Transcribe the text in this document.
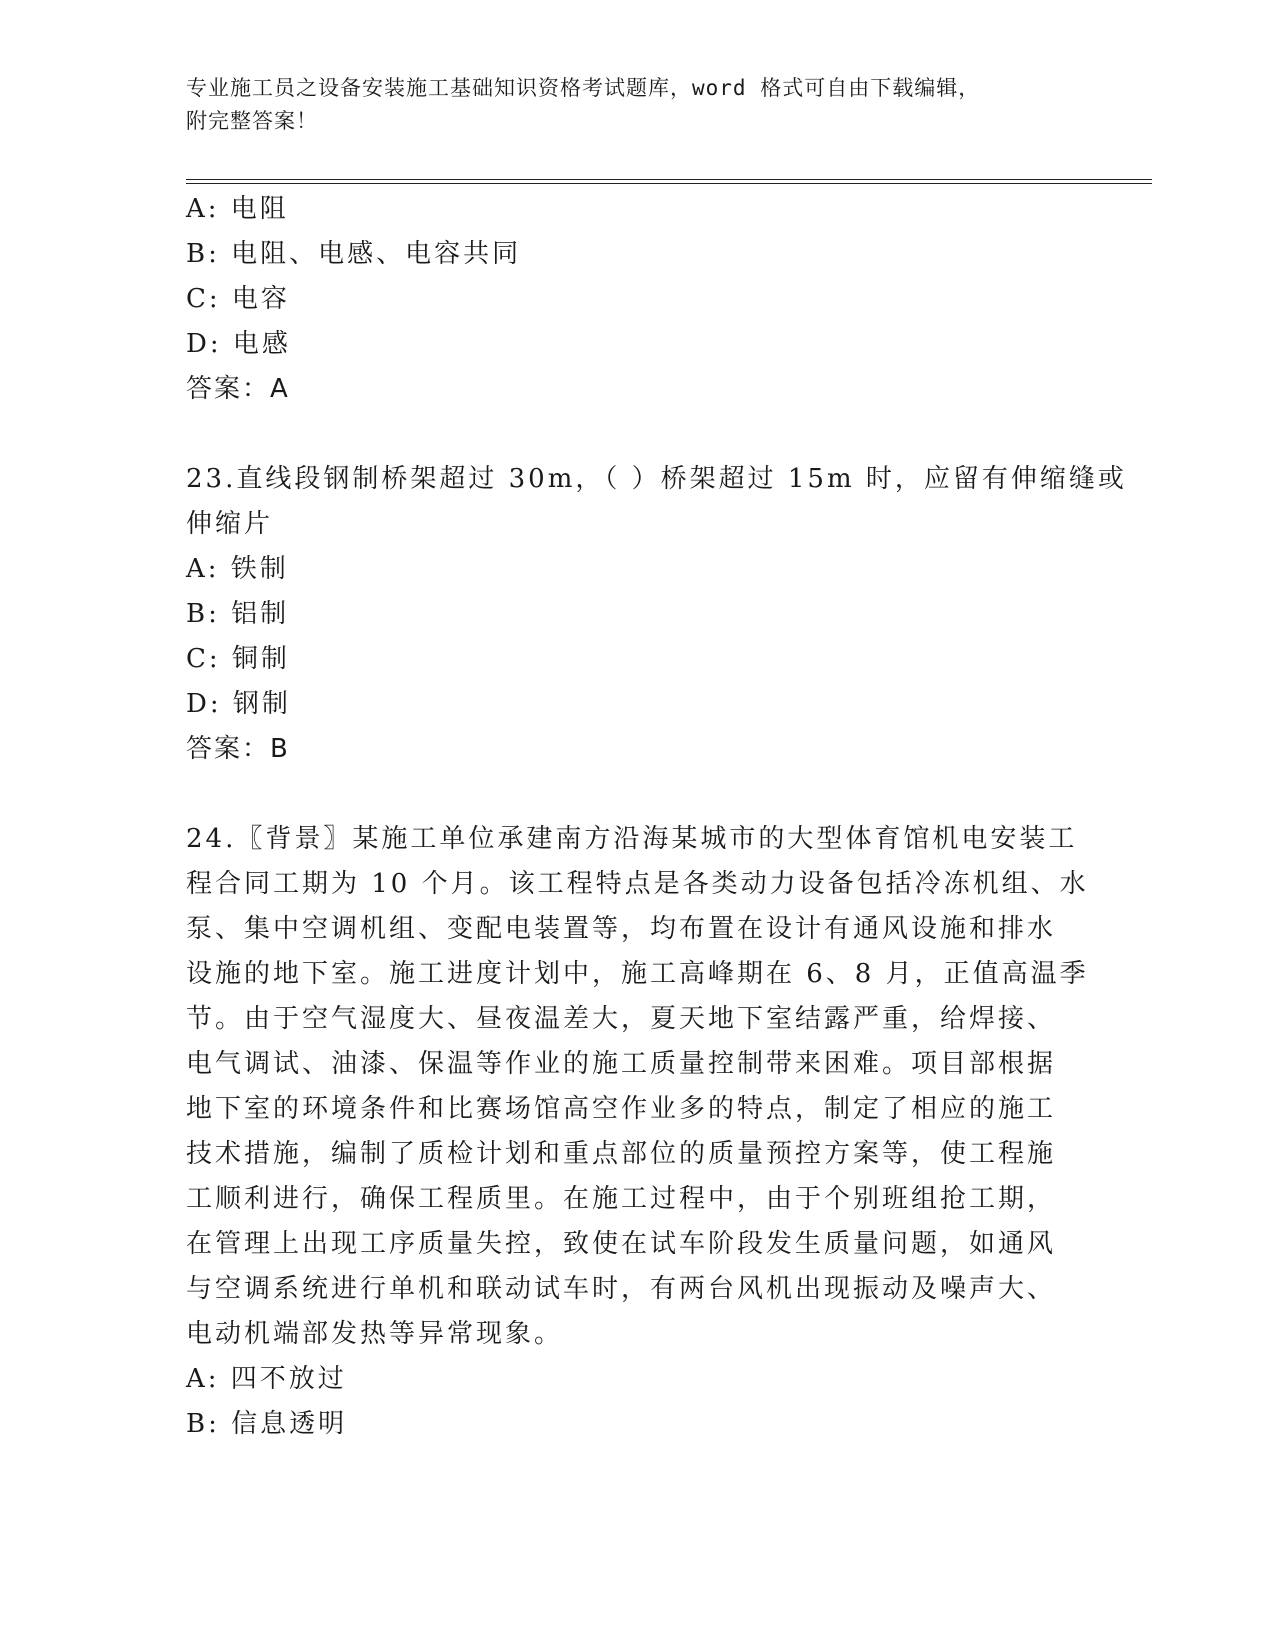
专业施工员之设备安装施工基础知识资格考试题库，word 格式可自由下载编辑，
附完整答案！
A: 电阻
B: 电阻、电感、电容共同
C: 电容
D: 电感
答案：A
23.直线段钢制桥架超过 30m，（ ）桥架超过 15m 时，应留有伸缩缝或
伸缩片
A: 铁制
B: 铝制
C: 铜制
D: 钢制
答案：B
24.〖背景〗某施工单位承建南方沿海某城市的大型体育馆机电安装工
程合同工期为 10 个月。该工程特点是各类动力设备包括冷冻机组、水
泵、集中空调机组、变配电装置等，均布置在设计有通风设施和排水
设施的地下室。施工进度计划中，施工高峰期在 6、8 月，正值高温季
节。由于空气湿度大、昼夜温差大，夏天地下室结露严重，给焊接、
电气调试、油漆、保温等作业的施工质量控制带来困难。项目部根据
地下室的环境条件和比赛场馆高空作业多的特点，制定了相应的施工
技术措施，编制了质检计划和重点部位的质量预控方案等，使工程施
工顺利进行，确保工程质里。在施工过程中，由于个别班组抢工期，
在管理上出现工序质量失控，致使在试车阶段发生质量问题，如通风
与空调系统进行单机和联动试车时，有两台风机出现振动及噪声大、
电动机端部发热等异常现象。
A: 四不放过
B: 信息透明
